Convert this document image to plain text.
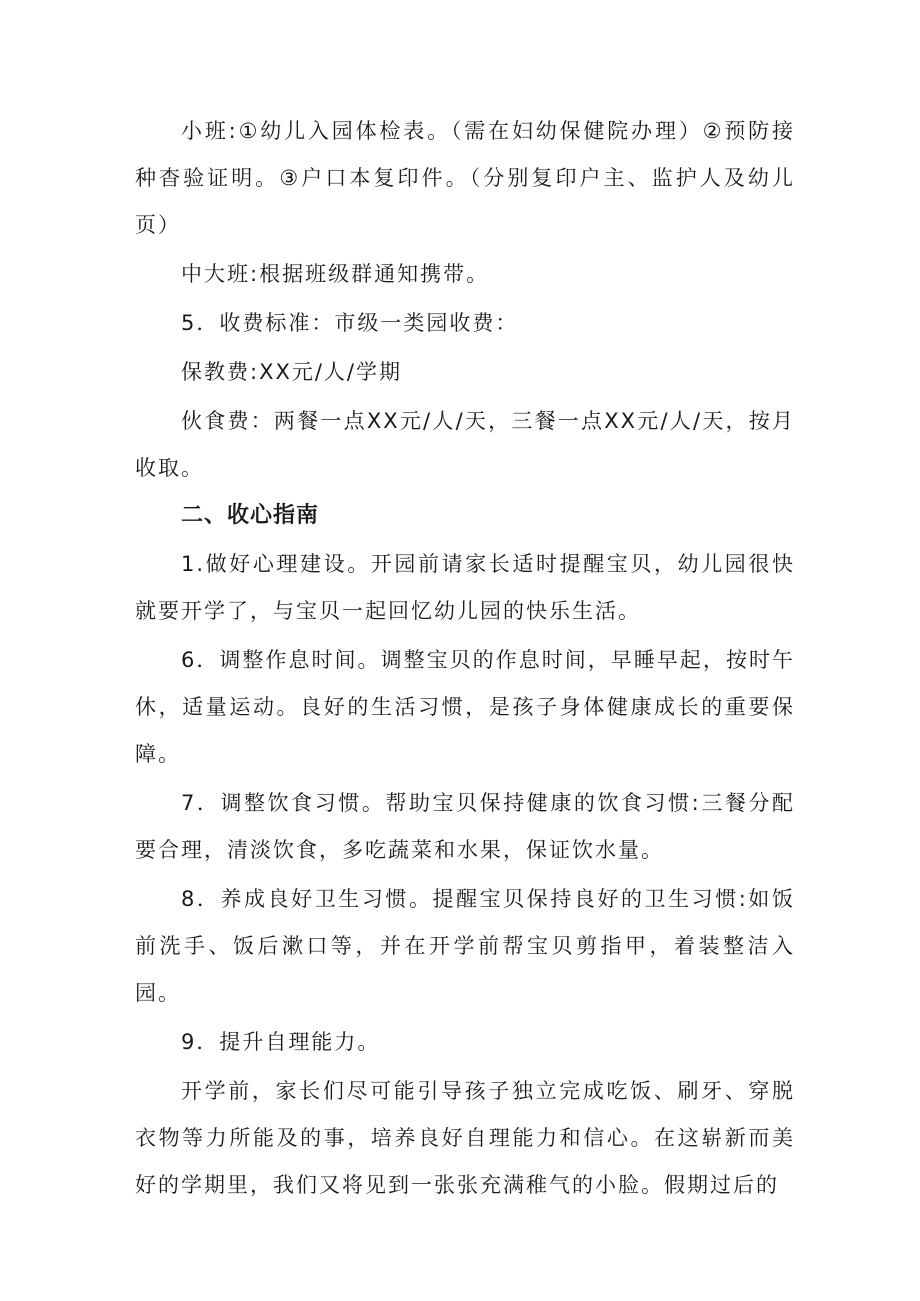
小班:①幼儿入园体检表。（需在妇幼保健院办理）②预防接种杳验证明。③户口本复印件。（分别复印户主、监护人及幼儿页）

中大班:根据班级群通知携带。

5．收费标准：市级一类园收费：

保教费:XX元/人/学期

伙食费：两餐一点XX元/人/天，三餐一点XX元/人/天，按月收取。

二、收心指南

1.做好心理建设。开园前请家长适时提醒宝贝，幼儿园很快就要开学了，与宝贝一起回忆幼儿园的快乐生活。

6．调整作息时间。调整宝贝的作息时间，早睡早起，按时午休，适量运动。良好的生活习惯，是孩子身体健康成长的重要保障。

7．调整饮食习惯。帮助宝贝保持健康的饮食习惯:三餐分配要合理，清淡饮食，多吃蔬菜和水果，保证饮水量。

8．养成良好卫生习惯。提醒宝贝保持良好的卫生习惯:如饭前洗手、饭后漱口等，并在开学前帮宝贝剪指甲，着装整洁入园。

9．提升自理能力。

开学前，家长们尽可能引导孩子独立完成吃饭、刷牙、穿脱衣物等力所能及的事，培养良好自理能力和信心。在这崭新而美好的学期里，我们又将见到一张张充满稚气的小脸。假期过后的
